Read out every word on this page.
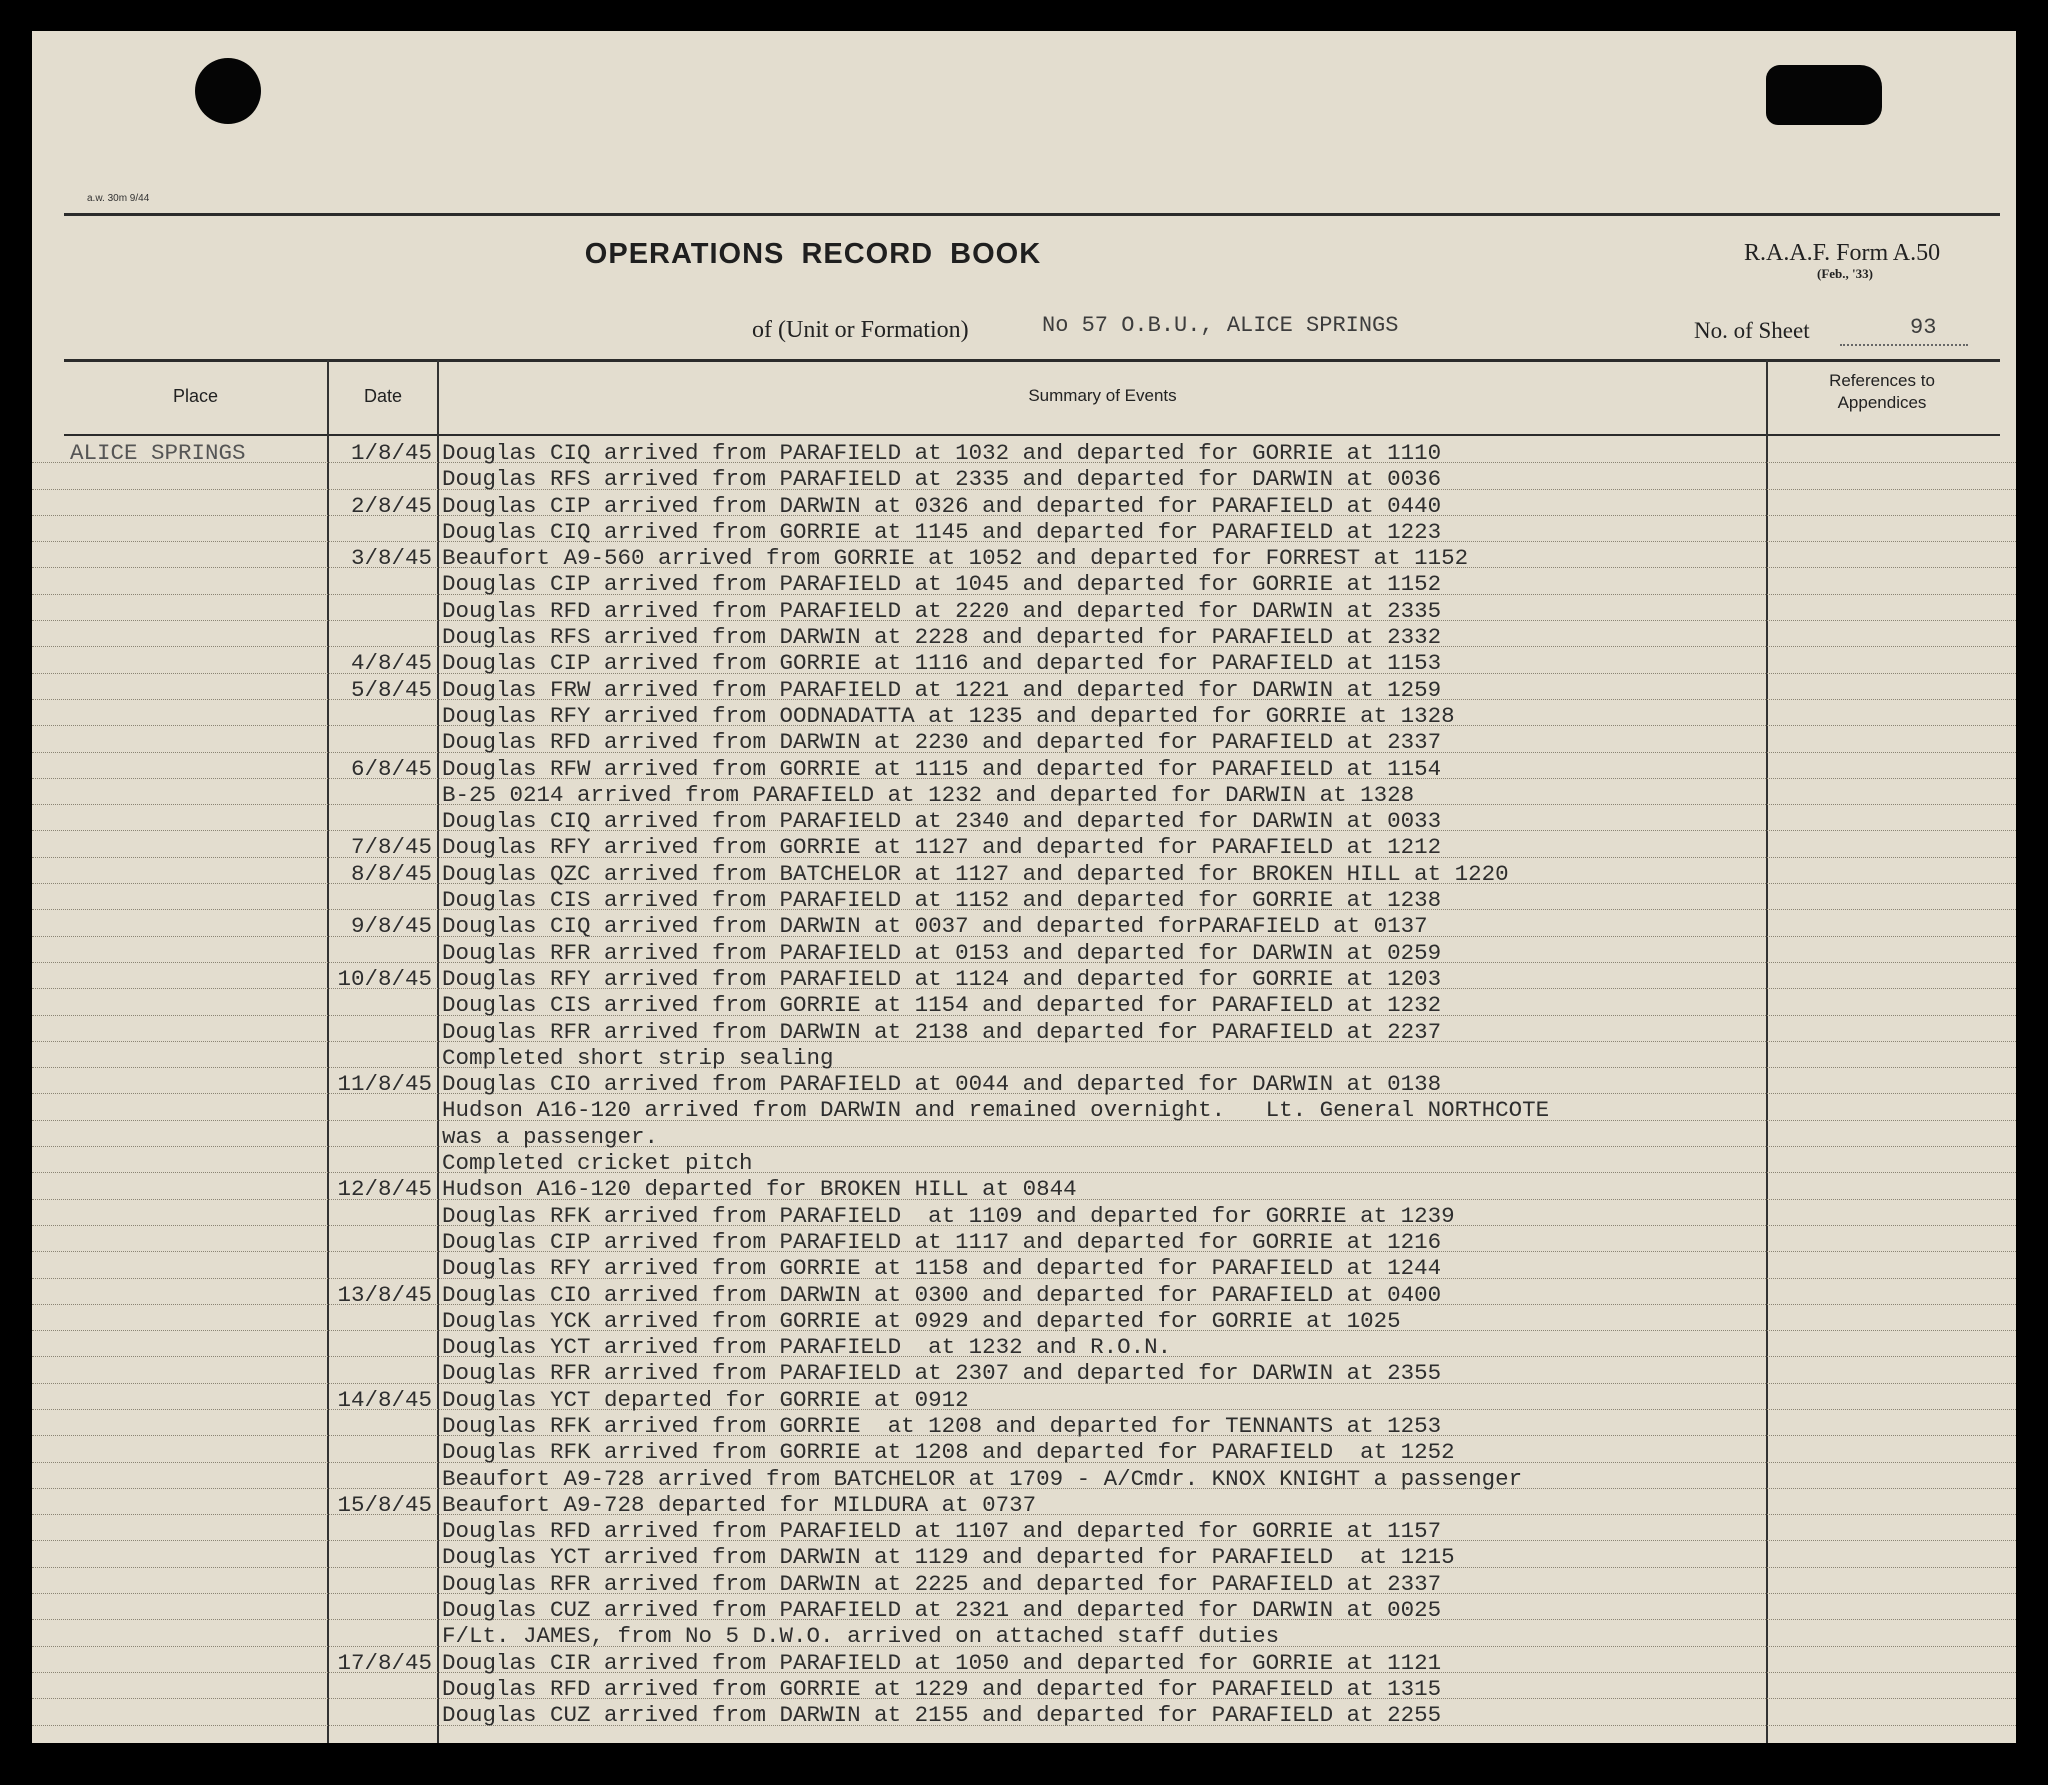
a.w. 30m 9/44
OPERATIONS RECORD BOOK	R.A.A.F. Form A.50
(Feb., '33)
of (Unit or Formation)	No 57 O.B.U., ALICE SPRINGS	No. of Sheet	93
Place	Date	Summary of Events
References to Appendices
ALICE SPRINGS	1/8/45 Douglas CIQ arrived from PARAFIELD at 1032 and departed for GORRIE at 1110
Douglas RFS arrived from PARAFIELD at 2335 and departed for DARWIN at 0036
2/8/45 Douglas CIP arrived from DARWIN at 0326 and departed for PARAFIELD at 0440
Douglas CIQ arrived from GORRIE at 1145 and departed for PARAFIELD at 1223
3/8/45 Beaufort A9-560 arrived from GORRIE at 1052 and departed for FORREST at 1152
Douglas CIP arrived from PARAFIELD at 1045 and departed for GORRIE at 1152
Douglas RFD arrived from PARAFIELD at 2220 and departed for DARWIN at 2335
Douglas RFS arrived from DARWIN at 2228 and departed for PARAFIELD at 2332
4/8/45 Douglas CIP arrived from GORRIE at 1116 and departed for PARAFIELD at 1153
5/8/45 Douglas FRW arrived from PARAFIELD at 1221 and departed for DARWIN at 1259
Douglas RFY arrived from OODNADATTA at 1235 and departed for GORRIE at 1328
Douglas RFD arrived from DARWIN at 2230 and departed for PARAFIELD at 2337
6/8/45 Douglas RFW arrived from GORRIE at 1115 and departed for PARAFIELD at 1154
B-25 0214 arrived from PARAFIELD at 1232 and departed for DARWIN at 1328
Douglas CIQ arrived from PARAFIELD at 2340 and departed for DARWIN at 0033
7/8/45 Douglas RFY arrived from GORRIE at 1127 and departed for PARAFIELD at 1212
8/8/45 Douglas QZC arrived from BATCHELOR at 1127 and departed for BROKEN HILL at 1220
Douglas CIS arrived from PARAFIELD at 1152 and departed for GORRIE at 1238
9/8/45 Douglas CIQ arrived from DARWIN at 0037 and departed forPARAFIELD at 0137
Douglas RFR arrived from PARAFIELD at 0153 and departed for DARWIN at 0259
10/8/45 Douglas RFY arrived from PARAFIELD at 1124 and departed for GORRIE at 1203
Douglas CIS arrived from GORRIE at 1154 and departed for PARAFIELD at 1232
Douglas RFR arrived from DARWIN at 2138 and departed for PARAFIELD at 2237
Completed short strip sealing
11/8/45 Douglas CIO arrived from PARAFIELD at 0044 and departed for DARWIN at 0138
Hudson A16-120 arrived from DARWIN and remained overnight.   Lt. General NORTHCOTE
was a passenger.
Completed cricket pitch
12/8/45 Hudson A16-120 departed for BROKEN HILL at 0844
Douglas RFK arrived from PARAFIELD  at 1109 and departed for GORRIE at 1239
Douglas CIP arrived from PARAFIELD at 1117 and departed for GORRIE at 1216
Douglas RFY arrived from GORRIE at 1158 and departed for PARAFIELD at 1244
13/8/45 Douglas CIO arrived from DARWIN at 0300 and departed for PARAFIELD at 0400
Douglas YCK arrived from GORRIE at 0929 and departed for GORRIE at 1025
Douglas YCT arrived from PARAFIELD  at 1232 and R.O.N.
Douglas RFR arrived from PARAFIELD at 2307 and departed for DARWIN at 2355
14/8/45 Douglas YCT departed for GORRIE at 0912
Douglas RFK arrived from GORRIE  at 1208 and departed for TENNANTS at 1253
Douglas RFK arrived from GORRIE at 1208 and departed for PARAFIELD  at 1252
Beaufort A9-728 arrived from BATCHELOR at 1709 - A/Cmdr. KNOX KNIGHT a passenger
15/8/45 Beaufort A9-728 departed for MILDURA at 0737
Douglas RFD arrived from PARAFIELD at 1107 and departed for GORRIE at 1157
Douglas YCT arrived from DARWIN at 1129 and departed for PARAFIELD  at 1215
Douglas RFR arrived from DARWIN at 2225 and departed for PARAFIELD at 2337
Douglas CUZ arrived from PARAFIELD at 2321 and departed for DARWIN at 0025
F/Lt. JAMES, from No 5 D.W.O. arrived on attached staff duties
17/8/45 Douglas CIR arrived from PARAFIELD at 1050 and departed for GORRIE at 1121
Douglas RFD arrived from GORRIE at 1229 and departed for PARAFIELD at 1315
Douglas CUZ arrived from DARWIN at 2155 and departed for PARAFIELD at 2255
